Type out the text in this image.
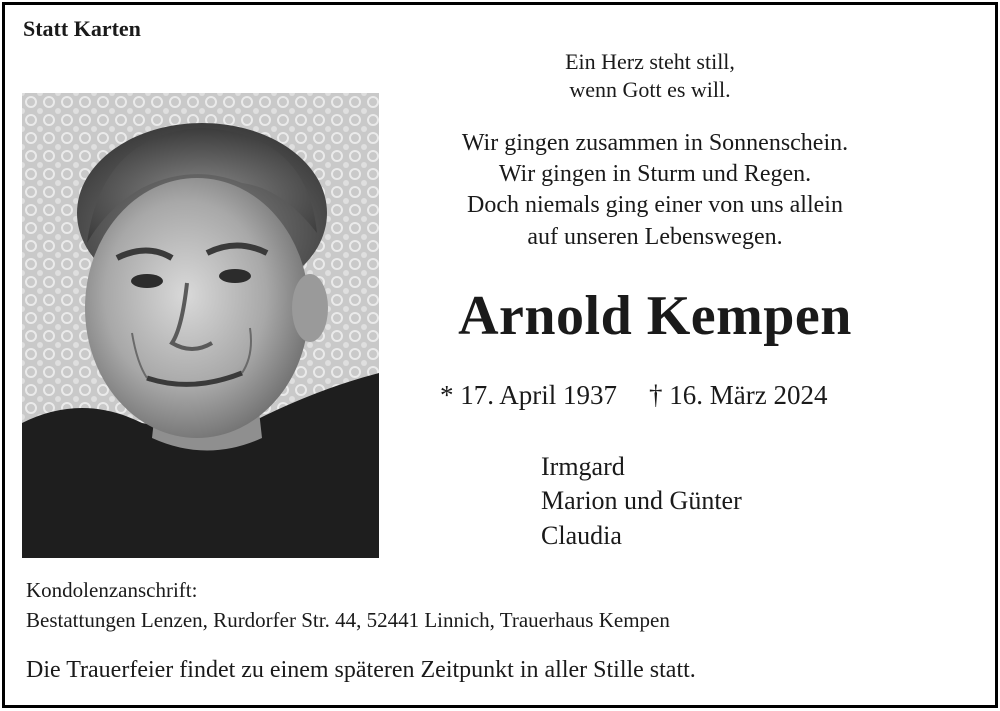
Statt Karten
Ein Herz steht still,
wenn Gott es will.
Wir gingen zusammen in Sonnenschein.
Wir gingen in Sturm und Regen.
Doch niemals ging einer von uns allein
auf unseren Lebenswegen.
Arnold Kempen
* 17. April 1937 † 16. März 2024
Irmgard
Marion und Günter
Claudia
Kondolenzanschrift:
Bestattungen Lenzen, Rurdorfer Str. 44, 52441 Linnich, Trauerhaus Kempen
Die Trauerfeier findet zu einem späteren Zeitpunkt in aller Stille statt.
